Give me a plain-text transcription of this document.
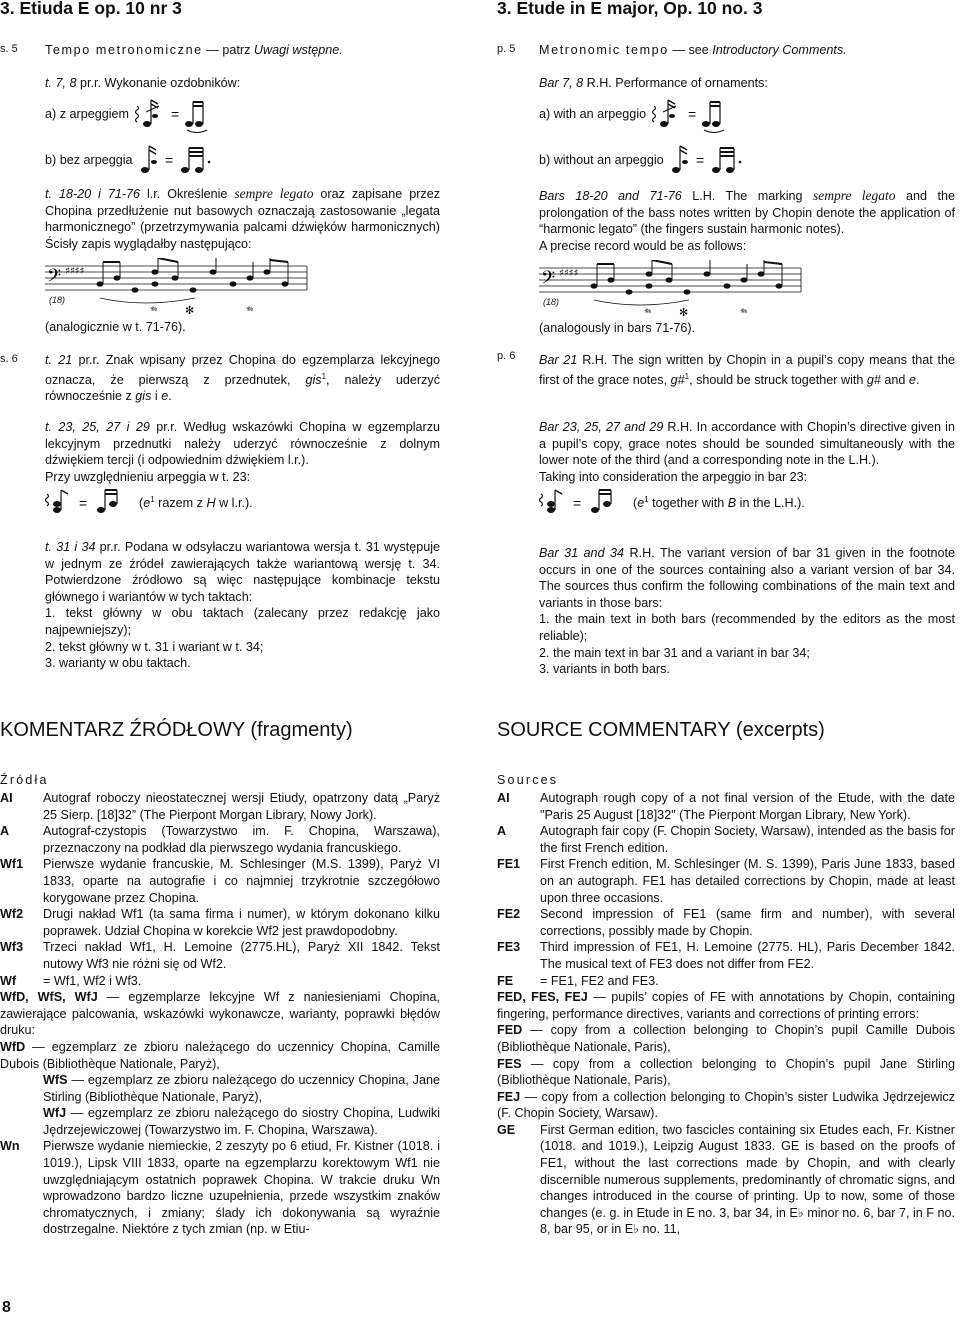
3. Etiuda E op. 10 nr 3
s. 5 Tempo metronomiczne — patrz Uwagi wstępne.
t. 7, 8 pr.r. Wykonanie ozdobników:
a) z arpeggiem	=
b) bez arpeggia =

t. 18-20 i 71-76 l.r. Określenie sempre legato oraz zapisane przez Chopina przedłużenie nut basowych oznaczają zastosowanie „legata harmonicznego” (przetrzymywania palcami dźwięków harmonicznych) Ścisły zapis wyglądałby następująco:

𝄢 ♯♯♯♯
𝆮	✻	𝆮
(18)
(analogicznie w t. 71-76).
s. 6 t. 21 pr.r. Znak wpisany przez Chopina do egzemplarza lekcyjnego oznacza, że pierwszą z przednutek, gis$^1$, należy uderzyć równocześnie z gis i e.

t. 23, 25, 27 i 29 pr.r. Według wskazówki Chopina w egzemplarzu lekcyjnym przednutki należy uderzyć równocześnie z dolnym dźwiękiem tercji (i odpowiednim dźwiękiem l.r.).

Przy uwzględnieniu arpeggia w t. 23:

=	($e^1$ razem z H w l.r.).

t. 31 i 34 pr.r. Podana w odsyłaczu wariantowa wersja t. 31 występuje w jednym ze źródeł zawierających także wariantową wersję t. 34. Potwierdzone źródłowo są więc następujące kombinacje tekstu głównego i wariantów w tych taktach:

1. tekst główny w obu taktach (zalecany przez redakcję jako najpewniejszy);

2. tekst główny w t. 31 i wariant w t. 34;

3. warianty w obu taktach.

KOMENTARZ ŹRÓDŁOWY (fragmenty)
Źródła
AI	Autograf roboczy nieostatecznej wersji Etiudy, opatrzony datą „Paryż 25 Sierp. [18]32” (The Pierpont Morgan Library, Nowy Jork).
A	Autograf-czystopis (Towarzystwo im. F. Chopina, Warszawa), przeznaczony na podkład dla pierwszego wydania francuskiego.
Wf1	Pierwsze wydanie francuskie, M. Schlesinger (M.S. 1399), Paryż VI 1833, oparte na autografie i co najmniej trzykrotnie szczegółowo korygowane przez Chopina.
Wf2	Drugi nakład Wf1 (ta sama firma i numer), w którym dokonano kilku poprawek. Udział Chopina w korekcie Wf2 jest prawdopodobny.
Wf3	Trzeci nakład Wf1, H. Lemoine (2775.HL), Paryż XII 1842. Tekst nutowy Wf3 nie różni się od Wf2.
Wf	= Wf1, Wf2 i Wf3.

WfD, WfS, WfJ — egzemplarze lekcyjne Wf z naniesieniami Chopina, zawierające palcowania, wskazówki wykonawcze, warianty, poprawki błędów druku:

WfD — egzemplarz ze zbioru należącego do uczennicy Chopina, Camille Dubois (Bibliothèque Nationale, Paryż),

WfS — egzemplarz ze zbioru należącego do uczennicy Chopina, Jane Stirling (Bibliothèque Nationale, Paryż),

WfJ — egzemplarz ze zbioru należącego do siostry Chopina, Ludwiki Jędrzejewiczowej (Towarzystwo im. F. Chopina, Warszawa).

Wn	Pierwsze wydanie niemieckie, 2 zeszyty po 6 etiud, Fr. Kistner (1018. i 1019.), Lipsk VIII 1833, oparte na egzemplarzu korektowym Wf1 nie uwzględniającym ostatnich poprawek Chopina. W trakcie druku Wn wprowadzono bardzo liczne uzupełnienia, przede wszystkim znaków chromatycznych, i zmiany; ślady ich dokonywania są wyraźnie dostrzegalne. Niektóre z tych zmian (np. w Etiu-
8
3. Etude in E major, Op. 10 no. 3
p. 5 Metronomic tempo — see Introductory Comments.
Bar 7, 8 R.H. Performance of ornaments:
a) with an arpeggio	=
b) without an arpeggio =

Bars 18-20 and 71-76 L.H. The marking sempre legato and the prolongation of the bass notes written by Chopin denote the application of “harmonic legato” (the fingers sustain harmonic notes).

A precise record would be as follows:

𝄢 ♯♯♯♯
𝆮	✻	𝆮
(18)
(analogously in bars 71-76).
p. 6 Bar 21 R.H. The sign written by Chopin in a pupil’s copy means that the first of the grace notes, g#$^1$, should be struck together with g# and e.

Bar 23, 25, 27 and 29 R.H. In accordance with Chopin’s directive given in a pupil’s copy, grace notes should be sounded simultaneously with the lower note of the third (and a corresponding note in the L.H.).

Taking into consideration the arpeggio in bar 23:

=	($e^1$ together with B in the L.H.).

Bar 31 and 34 R.H. The variant version of bar 31 given in the footnote occurs in one of the sources containing also a variant version of bar 34. The sources thus confirm the following combinations of the main text and variants in those bars:

1. the main text in both bars (recommended by the editors as the most reliable);

2. the main text in bar 31 and a variant in bar 34;

3. variants in both bars.

SOURCE COMMENTARY (excerpts)
Sources
AI	Autograph rough copy of a not final version of the Etude, with the date "Paris 25 August [18]32" (The Pierpont Morgan Library, New York).
A	Autograph fair copy (F. Chopin Society, Warsaw), intended as the basis for the first French edition.
FE1	First French edition, M. Schlesinger (M. S. 1399), Paris June 1833, based on an autograph. FE1 has detailed corrections by Chopin, made at least upon three occasions.
FE2	Second impression of FE1 (same firm and number), with several corrections, possibly made by Chopin.
FE3	Third impression of FE1, H. Lemoine (2775. HL), Paris December 1842. The musical text of FE3 does not differ from FE2.
FE	= FE1, FE2 and FE3.

FED, FES, FEJ — pupils’ copies of FE with annotations by Chopin, containing fingering, performance directives, variants and corrections of printing errors:

FED — copy from a collection belonging to Chopin’s pupil Camille Dubois (Bibliothèque Nationale, Paris),

FES — copy from a collection belonging to Chopin’s pupil Jane Stirling (Bibliothèque Nationale, Paris),

FEJ — copy from a collection belonging to Chopin’s sister Ludwika Jędrzejewicz (F. Chopin Society, Warsaw).

GE	First German edition, two fascicles containing six Etudes each, Fr. Kistner (1018. and 1019.), Leipzig August 1833. GE is based on the proofs of FE1, without the last corrections made by Chopin, and with clearly discernible numerous supplements, predominantly of chromatic signs, and changes introduced in the course of printing. Up to now, some of those changes (e. g. in Etude in E no. 3, bar 34, in E♭ minor no. 6, bar 7, in F no. 8, bar 95, or in E♭ no. 11,
